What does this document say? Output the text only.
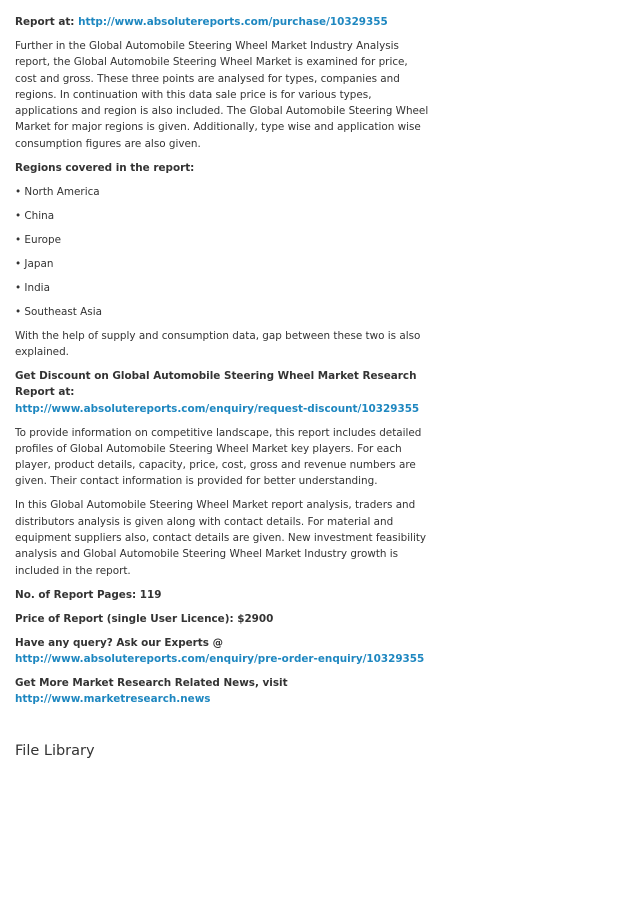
Report at: http://www.absolutereports.com/purchase/10329355

Further in the Global Automobile Steering Wheel Market Industry Analysis report, the Global Automobile Steering Wheel Market is examined for price, cost and gross. These three points are analysed for types, companies and regions. In continuation with this data sale price is for various types, applications and region is also included. The Global Automobile Steering Wheel Market for major regions is given. Additionally, type wise and application wise consumption figures are also given.

Regions covered in the report:

• North America

• China

• Europe

• Japan

• India

• Southeast Asia

With the help of supply and consumption data, gap between these two is also explained.

Get Discount on Global Automobile Steering Wheel Market Research Report at:
http://www.absolutereports.com/enquiry/request-discount/10329355

To provide information on competitive landscape, this report includes detailed profiles of Global Automobile Steering Wheel Market key players. For each player, product details, capacity, price, cost, gross and revenue numbers are given. Their contact information is provided for better understanding.

In this Global Automobile Steering Wheel Market report analysis, traders and distributors analysis is given along with contact details. For material and equipment suppliers also, contact details are given. New investment feasibility analysis and Global Automobile Steering Wheel Market Industry growth is included in the report.

No. of Report Pages: 119

Price of Report (single User Licence): $2900

Have any query? Ask our Experts @
http://www.absolutereports.com/enquiry/pre-order-enquiry/10329355

Get More Market Research Related News, visit
http://www.marketresearch.news

File Library
